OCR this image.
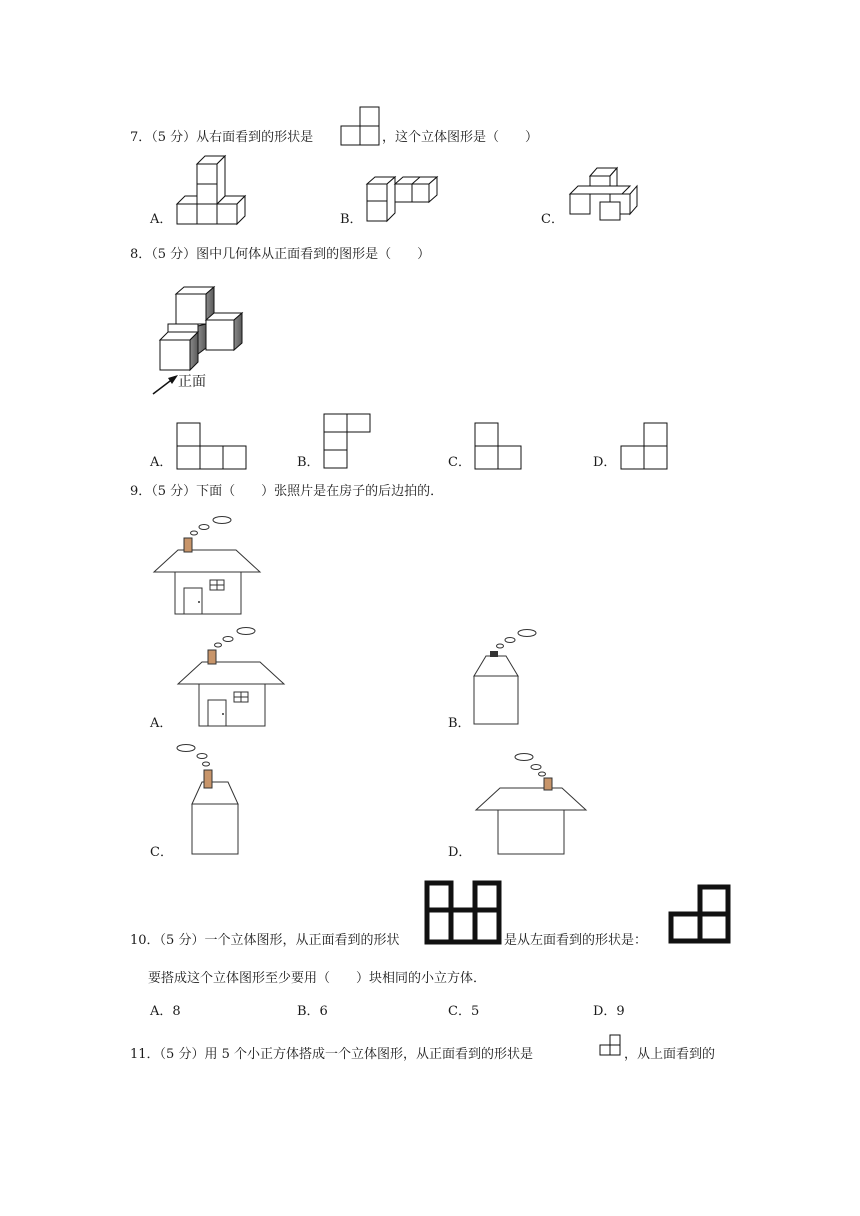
7．（5 分）从右面看到的形状是	，这个立体图形是（　　）
A．	B．	C．
8．（5 分）图中几何体从正面看到的图形是（　　）
正面
A．	B．	C．	D．
9．（5 分）下面（　　）张照片是在房子的后边拍的．
A．	B．
C．	D．
10．（5 分）一个立体图形，从正面看到的形状	是从左面看到的形状是：
要搭成这个立体图形至少要用（　　）块相同的小立方体．
A．8	B．6	C．5	D．9
11．（5 分）用 5 个小正方体搭成一个立体图形，从正面看到的形状是	，从上面看到的
